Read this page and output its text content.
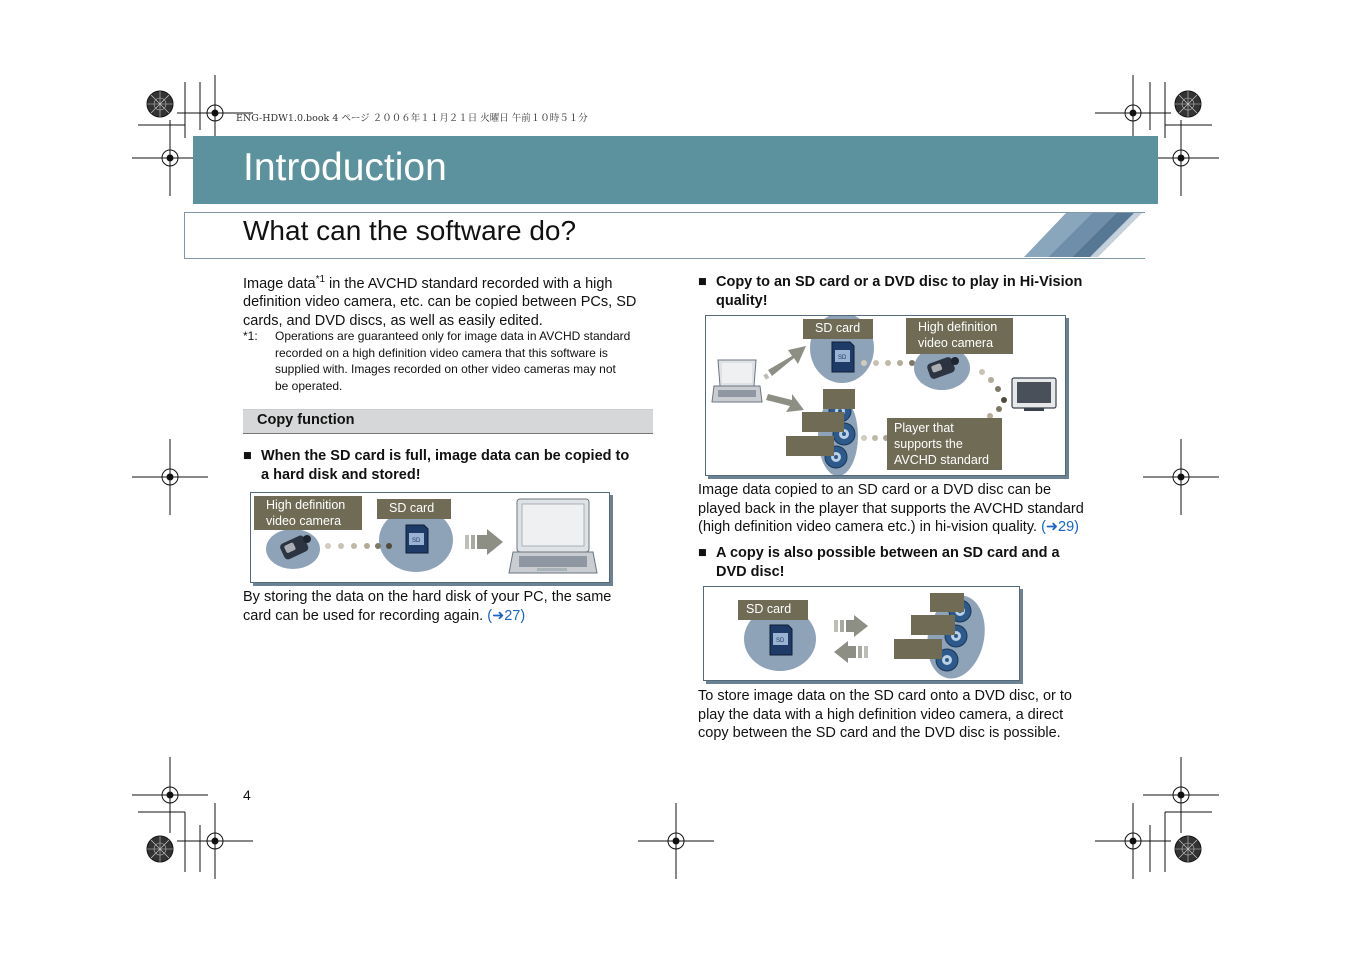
ENG-HDW1.0.book 4 ページ ２００６年１１月２１日 火曜日 午前１０時５１分
Introduction
What can the software do?
Image data$^{*1}$ in the AVCHD standard recorded with a high
definition video camera, etc. can be copied between PCs, SD
cards, and DVD discs, as well as easily edited.
*1: Operations are guaranteed only for image data in AVCHD standard
recorded on a high definition video camera that this software is
supplied with. Images recorded on other video cameras may not
be operated.
Copy function
■ When the SD card is full, image data can be copied to
a hard disk and stored!
SD
High definition
video camera
SD card
By storing the data on the hard disk of your PC, the same
card can be used for recording again. (➜27)
4
■ Copy to an SD card or a DVD disc to play in Hi-Vision
quality!
SD
SD card	High definition
video camera
Player that
supports the
AVCHD standard
Image data copied to an SD card or a DVD disc can be
played back in the player that supports the AVCHD standard
(high definition video camera etc.) in hi-vision quality. (➜29)
■ A copy is also possible between an SD card and a
DVD disc!
SD
SD card
To store image data on the SD card onto a DVD disc, or to
play the data with a high definition video camera, a direct
copy between the SD card and the DVD disc is possible.
